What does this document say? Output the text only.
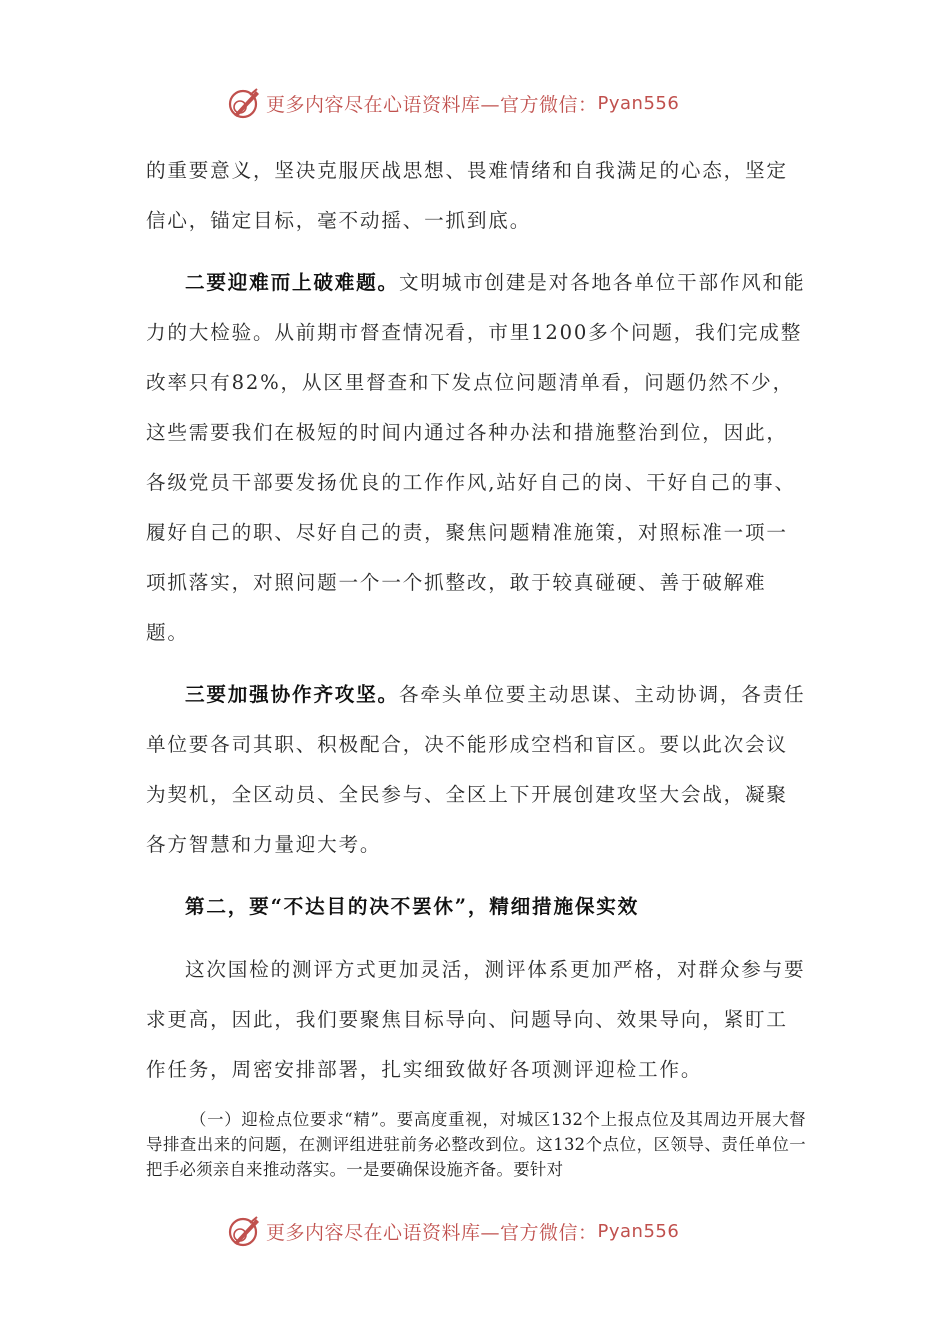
更多内容尽在心语资料库—官方微信： Pyan556

的重要意义，坚决克服厌战思想、畏难情绪和自我满足的心态，坚定信心，锚定目标，毫不动摇、一抓到底。

二要迎难而上破难题。文明城市创建是对各地各单位干部作风和能力的大检验。从前期市督查情况看，市里1200多个问题，我们完成整改率只有82%，从区里督查和下发点位问题清单看，问题仍然不少，这些需要我们在极短的时间内通过各种办法和措施整治到位，因此，各级党员干部要发扬优良的工作作风,站好自己的岗、干好自己的事、履好自己的职、尽好自己的责，聚焦问题精准施策，对照标准一项一项抓落实，对照问题一个一个抓整改，敢于较真碰硬、善于破解难题。

三要加强协作齐攻坚。各牵头单位要主动思谋、主动协调，各责任单位要各司其职、积极配合，决不能形成空档和盲区。要以此次会议为契机，全区动员、全民参与、全区上下开展创建攻坚大会战，凝聚各方智慧和力量迎大考。

第二，要“不达目的决不罢休”，精细措施保实效

这次国检的测评方式更加灵活，测评体系更加严格，对群众参与要求更高，因此，我们要聚焦目标导向、问题导向、效果导向，紧盯工作任务，周密安排部署，扎实细致做好各项测评迎检工作。

（一）迎检点位要求“精”。要高度重视，对城区132个上报点位及其周边开展大督导排查出来的问题，在测评组进驻前务必整改到位。这132个点位，区领导、责任单位一把手必须亲自来推动落实。一是要确保设施齐备。要针对

更多内容尽在心语资料库—官方微信： Pyan556
